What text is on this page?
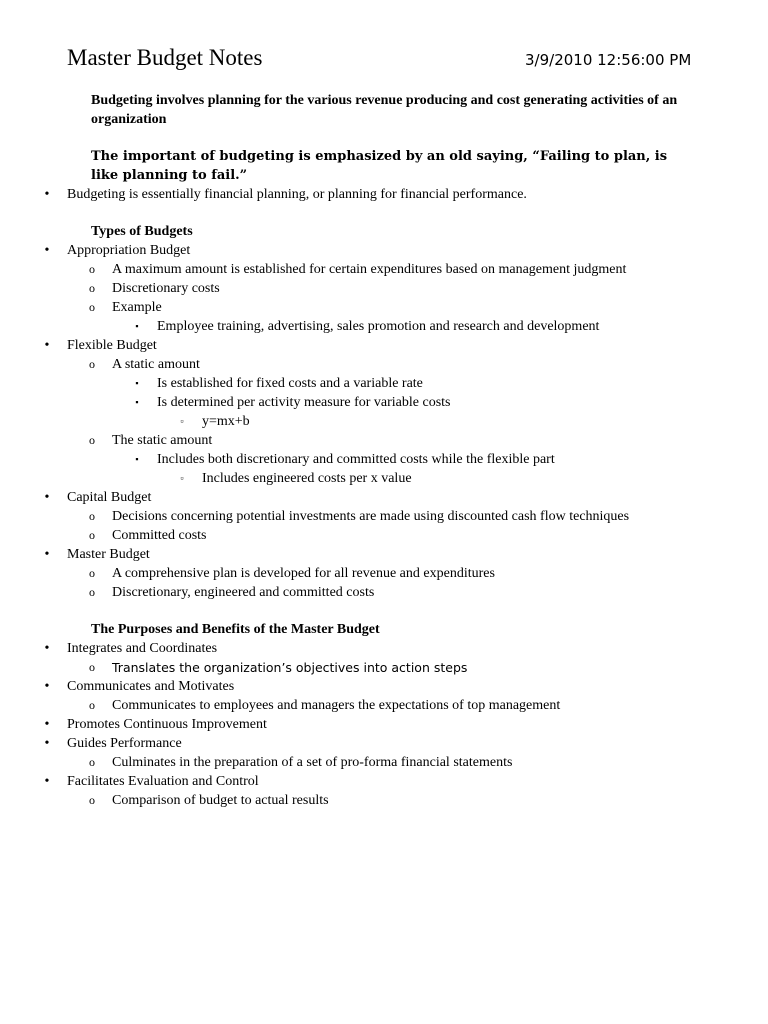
Master Budget Notes	3/9/2010 12:56:00 PM

Budgeting involves planning for the various revenue producing and cost generating activities of an organization

The important of budgeting is emphasized by an old saying, “Failing to plan, is like planning to fail.”

•	Budgeting is essentially financial planning, or planning for financial performance.

Types of Budgets

•	Appropriation Budget
o	A maximum amount is established for certain expenditures based on management judgment
o	Discretionary costs
o	Example
▪	Employee training, advertising, sales promotion and research and development
•	Flexible Budget
o	A static amount
▪	Is established for fixed costs and a variable rate
▪	Is determined per activity measure for variable costs
▫	y=mx+b
o	The static amount
▪	Includes both discretionary and committed costs while the flexible part
▫	Includes engineered costs per x value
•	Capital Budget
o	Decisions concerning potential investments are made using discounted cash flow techniques
o	Committed costs
•	Master Budget
o	A comprehensive plan is developed for all revenue and expenditures
o	Discretionary, engineered and committed costs

The Purposes and Benefits of the Master Budget

•	Integrates and Coordinates
o	Translates the organization’s objectives into action steps
•	Communicates and Motivates
o	Communicates to employees and managers the expectations of top management
•	Promotes Continuous Improvement
•	Guides Performance
o	Culminates in the preparation of a set of pro-forma financial statements
•	Facilitates Evaluation and Control
o	Comparison of budget to actual results
